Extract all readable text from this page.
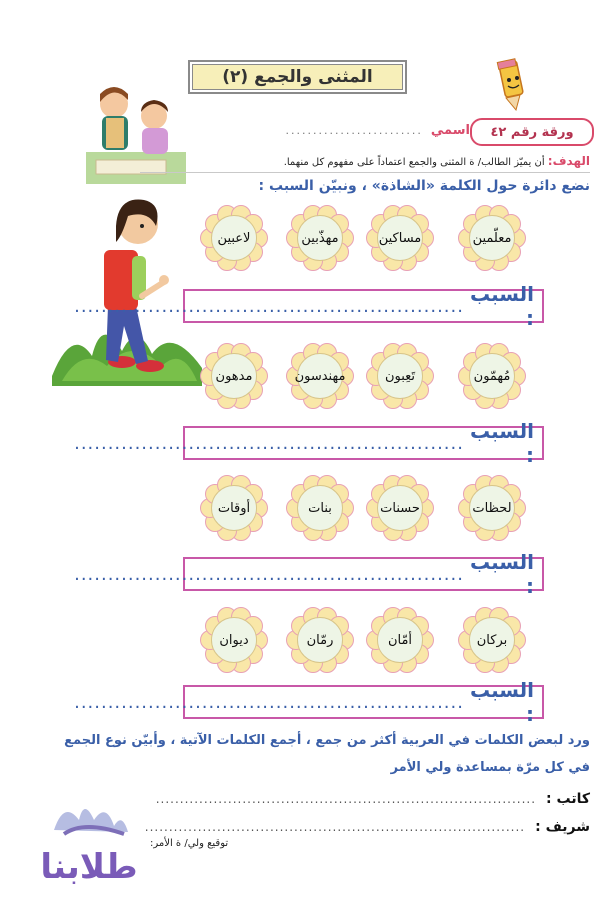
المثنى والجمع (٢)
ورقة رقم ٤٢
اسمي
.........................
الهدف: أن يميّز الطالب/ ة المثنى والجمع اعتماداً على مفهوم كل منهما.
نضع دائرة حول الكلمة «الشاذة» ، ونبيّن السبب :
معلّمين
مساكين
مهذّبين
لاعبين
السبب :
..........................................................
مُهمّون
تَعِبون
مهندسون
مدهون
السبب :
..........................................................
لحظات
حسنات
بنات
أوقات
السبب :
..........................................................
بركان
أمّان
رمّان
ديوان
السبب :
..........................................................
ورد لبعض الكلمات في العربية أكثر من جمع ، أجمع الكلمات الآتية ، وأبيّن نوع الجمع
في كل مرّة بمساعدة ولي الأمر
............................................................................... كاتب :
............................................................................... شريف :
توقيع ولي/ ة الأمر:
طلابنا
